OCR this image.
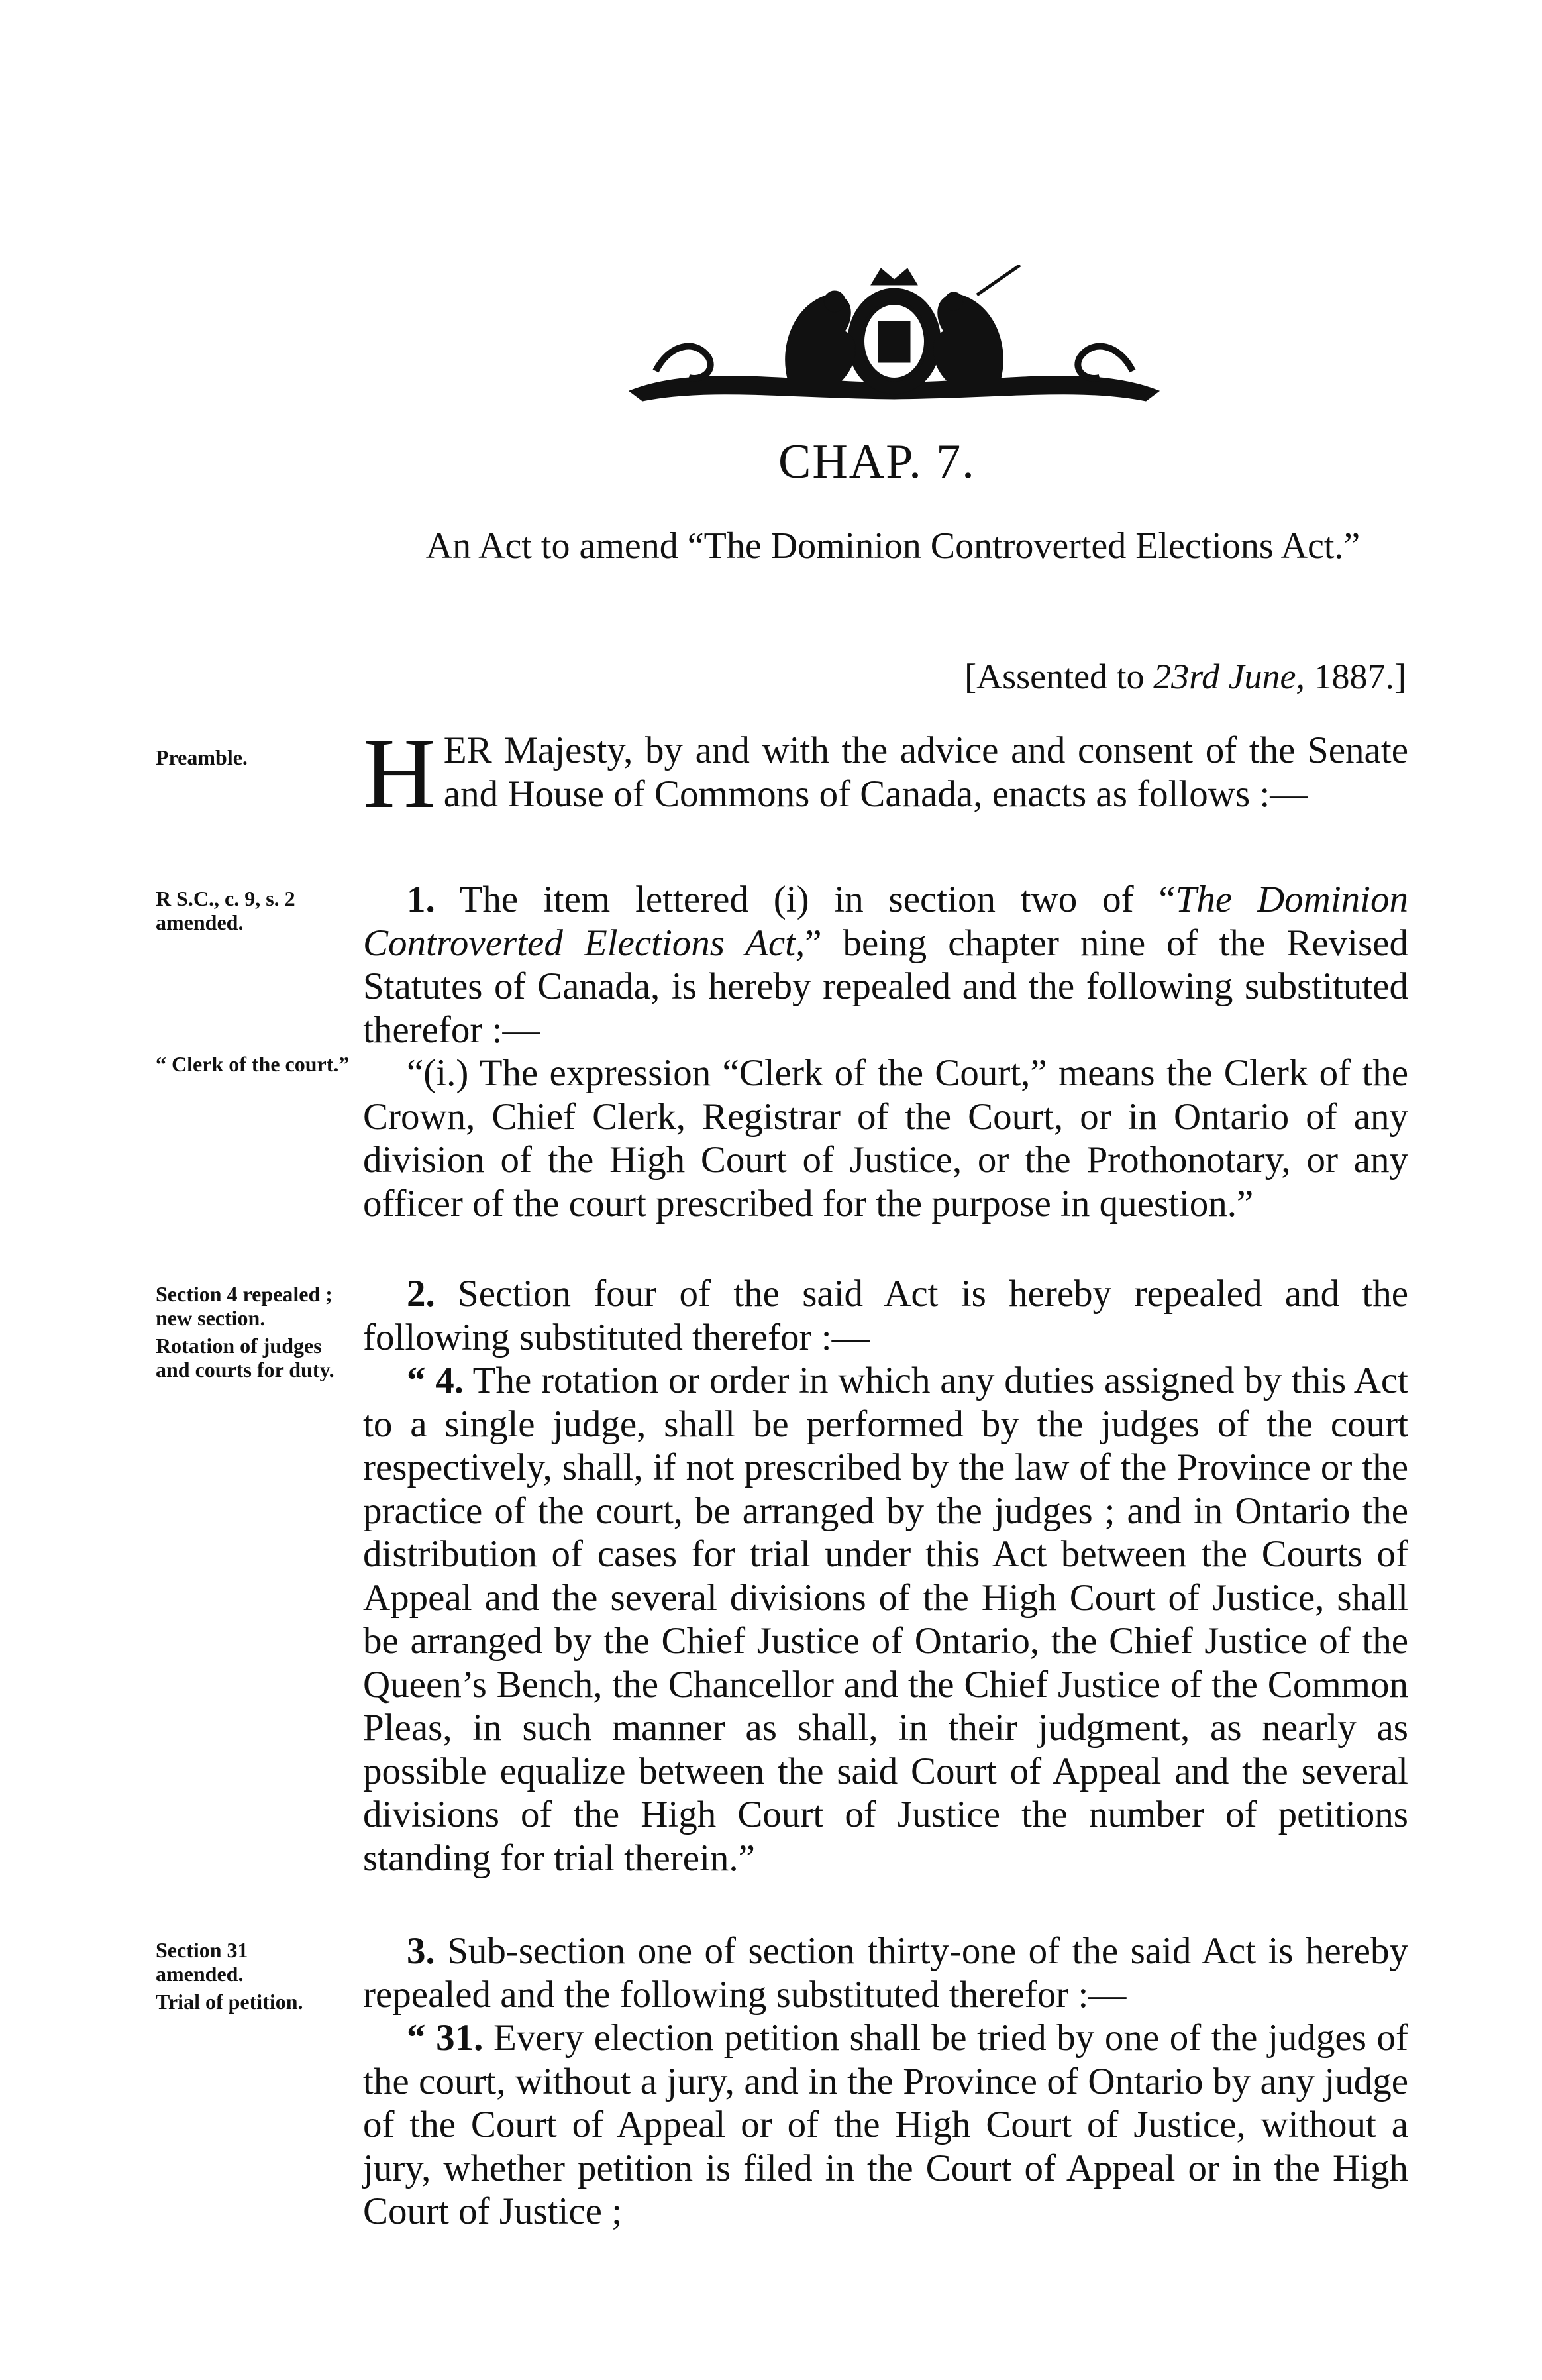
CHAP. 7.
An Act to amend “The Dominion Controverted Elections Act.”
[Assented to 23rd June, 1887.]
Preamble.
R S.C., c. 9, s. 2 amended.
“ Clerk of the court.”
Section 4 repealed ; new section.
Rotation of judges and courts for duty.
Section 31 amended.
Trial of petition.

HER Majesty, by and with the advice and consent of the Senate and House of Commons of Canada, enacts as follows :—

1. The item lettered (i) in section two of “The Dominion Controverted Elections Act,” being chapter nine of the Revised Statutes of Canada, is hereby repealed and the following substituted therefor :—

“(i.) The expression “Clerk of the Court,” means the Clerk of the Crown, Chief Clerk, Registrar of the Court, or in Ontario of any division of the High Court of Justice, or the Prothonotary, or any officer of the court prescribed for the purpose in question.”

2. Section four of the said Act is hereby repealed and the following substituted therefor :—

“ 4. The rotation or order in which any duties assigned by this Act to a single judge, shall be performed by the judges of the court respectively, shall, if not prescribed by the law of the Province or the practice of the court, be arranged by the judges ; and in Ontario the distribution of cases for trial under this Act between the Courts of Appeal and the several divisions of the High Court of Justice, shall be arranged by the Chief Justice of Ontario, the Chief Justice of the Queen’s Bench, the Chancellor and the Chief Justice of the Common Pleas, in such manner as shall, in their judgment, as nearly as possible equalize between the said Court of Appeal and the several divisions of the High Court of Justice the number of petitions standing for trial therein.”

3. Sub-section one of section thirty-one of the said Act is hereby repealed and the following substituted therefor :—

“ 31. Every election petition shall be tried by one of the judges of the court, without a jury, and in the Province of Ontario by any judge of the Court of Appeal or of the High Court of Justice, without a jury, whether petition is filed in the Court of Appeal or in the High Court of Justice ;
